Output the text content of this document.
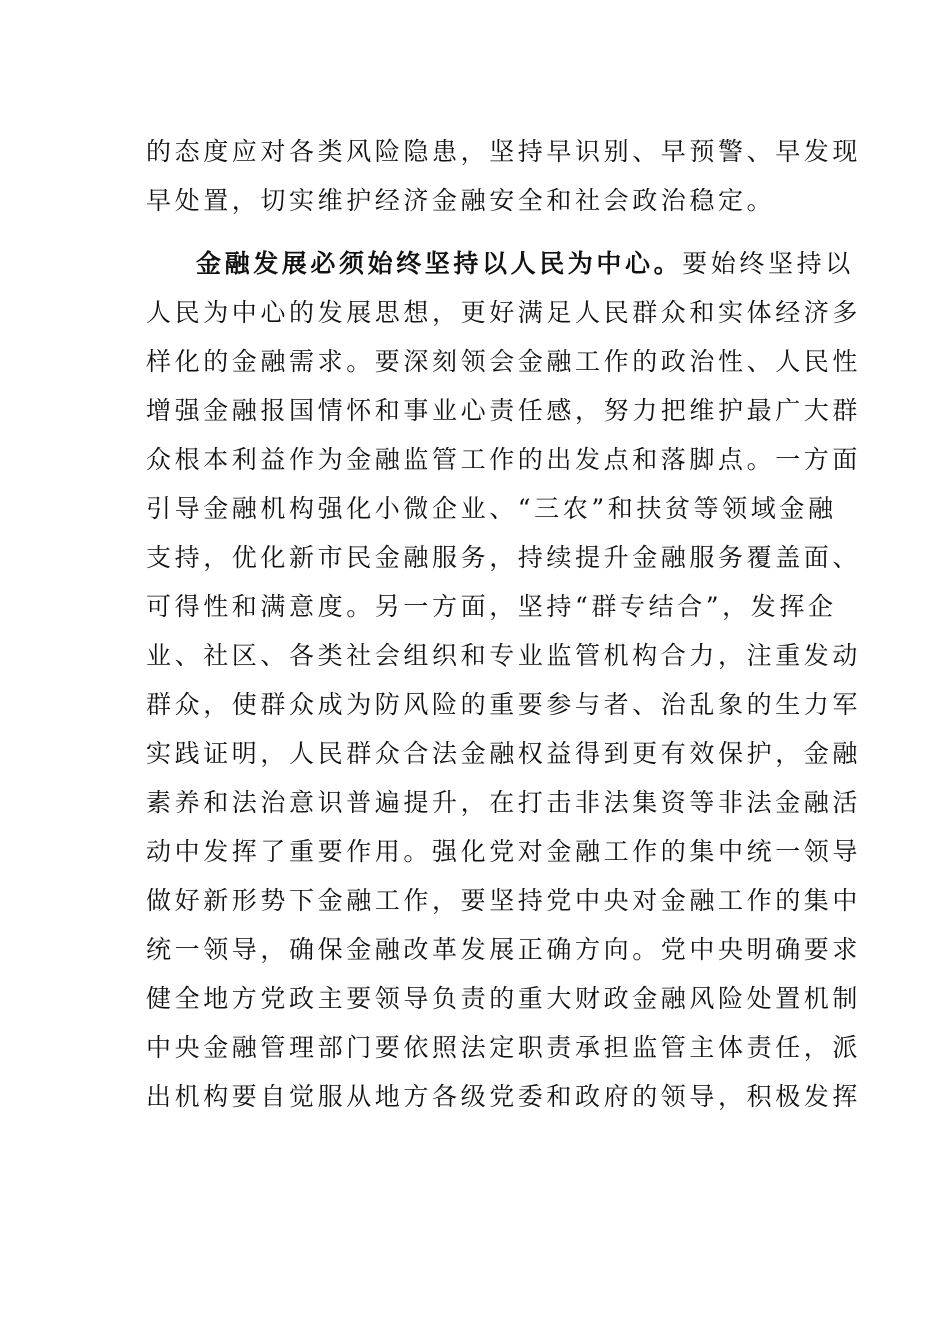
的态度应对各类风险隐患，坚持早识别、早预警、早发现
早处置，切实维护经济金融安全和社会政治稳定。
金融发展必须始终坚持以人民为中心。要始终坚持以
人民为中心的发展思想，更好满足人民群众和实体经济多
样化的金融需求。要深刻领会金融工作的政治性、人民性
增强金融报国情怀和事业心责任感，努力把维护最广大群
众根本利益作为金融监管工作的出发点和落脚点。一方面
引导金融机构强化小微企业、“三农”和扶贫等领域金融
支持，优化新市民金融服务，持续提升金融服务覆盖面、
可得性和满意度。另一方面，坚持“群专结合”，发挥企
业、社区、各类社会组织和专业监管机构合力，注重发动
群众，使群众成为防风险的重要参与者、治乱象的生力军
实践证明，人民群众合法金融权益得到更有效保护，金融
素养和法治意识普遍提升，在打击非法集资等非法金融活
动中发挥了重要作用。强化党对金融工作的集中统一领导
做好新形势下金融工作，要坚持党中央对金融工作的集中
统一领导，确保金融改革发展正确方向。党中央明确要求
健全地方党政主要领导负责的重大财政金融风险处置机制
中央金融管理部门要依照法定职责承担监管主体责任，派
出机构要自觉服从地方各级党委和政府的领导，积极发挥
